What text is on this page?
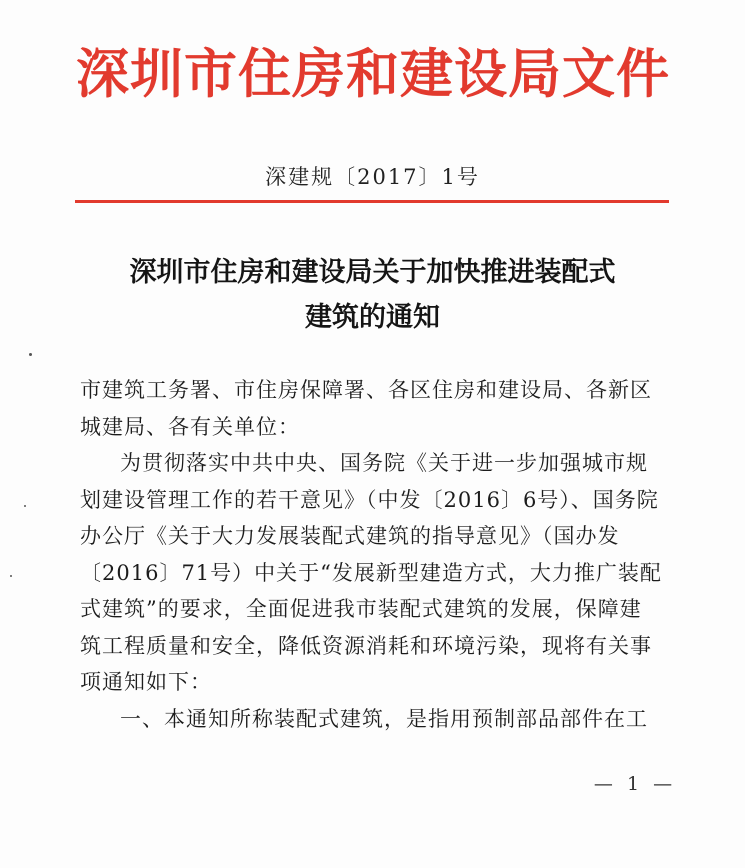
深圳市住房和建设局文件
深建规〔2017〕1号
深圳市住房和建设局关于加快推进装配式
建筑的通知
市建筑工务署、市住房保障署、各区住房和建设局、各新区
城建局、各有关单位：
为贯彻落实中共中央、国务院《关于进一步加强城市规
划建设管理工作的若干意见》（中发〔2016〕6号）、国务院
办公厅《关于大力发展装配式建筑的指导意见》（国办发
〔2016〕71号）中关于“发展新型建造方式，大力推广装配
式建筑”的要求，全面促进我市装配式建筑的发展，保障建
筑工程质量和安全，降低资源消耗和环境污染，现将有关事
项通知如下：
一、本通知所称装配式建筑，是指用预制部品部件在工
— 1 —
